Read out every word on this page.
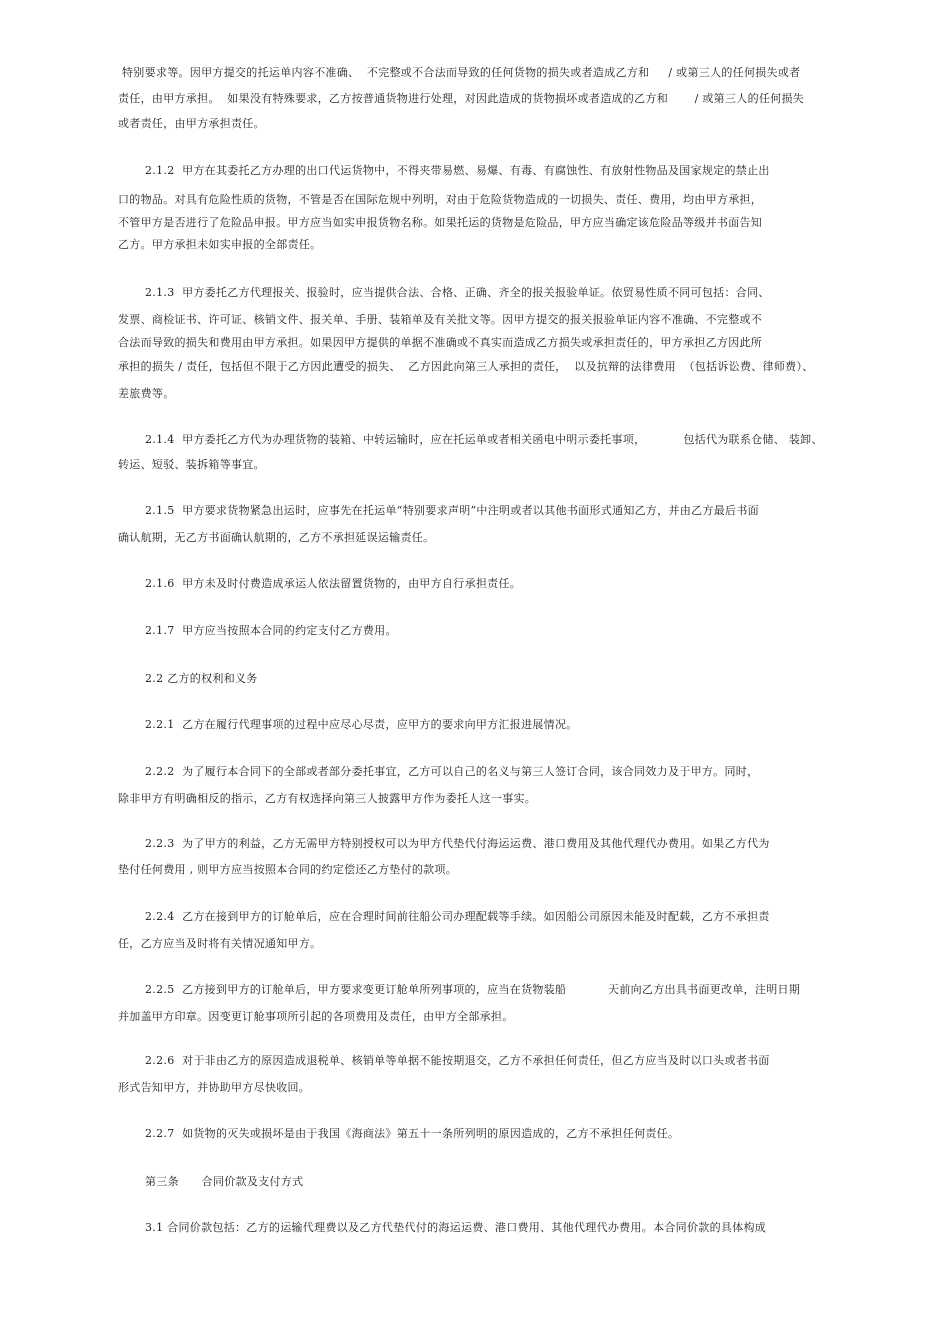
特别要求等。因甲方提交的托运单内容不准确、  不完整或不合法而导致的任何货物的损失或者造成乙方和     / 或第三人的任何损失或者
责任，由甲方承担。  如果没有特殊要求，乙方按普通货物进行处理，对因此造成的货物损坏或者造成的乙方和       / 或第三人的任何损失
或者责任，由甲方承担责任。
2.1.2  甲方在其委托乙方办理的出口代运货物中，不得夹带易燃、易爆、有毒、有腐蚀性、有放射性物品及国家规定的禁止出
口的物品。对具有危险性质的货物，不管是否在国际危规中列明，对由于危险货物造成的一切损失、责任、费用，均由甲方承担，
不管甲方是否进行了危险品申报。甲方应当如实申报货物名称。如果托运的货物是危险品，甲方应当确定该危险品等级并书面告知
乙方。甲方承担未如实申报的全部责任。
2.1.3  甲方委托乙方代理报关、报验时，应当提供合法、合格、正确、齐全的报关报验单证。依贸易性质不同可包括：合同、
发票、商检证书、许可证、核销文件、报关单、手册、装箱单及有关批文等。因甲方提交的报关报验单证内容不准确、不完整或不
合法而导致的损失和费用由甲方承担。如果因甲方提供的单据不准确或不真实而造成乙方损失或承担责任的，甲方承担乙方因此所
承担的损失 / 责任，包括但不限于乙方因此遭受的损失、  乙方因此向第三人承担的责任，  以及抗辩的法律费用  （包括诉讼费、律师费）、
差旅费等。
2.1.4  甲方委托乙方代为办理货物的装箱、中转运输时，应在托运单或者相关函电中明示委托事项，          包括代为联系仓储、 装卸、
转运、短驳、装拆箱等事宜。
2.1.5  甲方要求货物紧急出运时，应事先在托运单“特别要求声明”中注明或者以其他书面形式通知乙方，并由乙方最后书面
确认航期，无乙方书面确认航期的，乙方不承担延误运输责任。
2.1.6  甲方未及时付费造成承运人依法留置货物的，由甲方自行承担责任。
2.1.7  甲方应当按照本合同的约定支付乙方费用。
2.2 乙方的权利和义务
2.2.1  乙方在履行代理事项的过程中应尽心尽责，应甲方的要求向甲方汇报进展情况。
2.2.2  为了履行本合同下的全部或者部分委托事宜，乙方可以自己的名义与第三人签订合同，该合同效力及于甲方。同时，
除非甲方有明确相反的指示，乙方有权选择向第三人披露甲方作为委托人这一事实。
2.2.3  为了甲方的利益，乙方无需甲方特别授权可以为甲方代垫代付海运运费、港口费用及其他代理代办费用。如果乙方代为
垫付任何费用 , 则甲方应当按照本合同的约定偿还乙方垫付的款项。
2.2.4  乙方在接到甲方的订舱单后，应在合理时间前往船公司办理配载等手续。如因船公司原因未能及时配载，乙方不承担责
任，乙方应当及时将有关情况通知甲方。
2.2.5  乙方接到甲方的订舱单后，甲方要求变更订舱单所列事项的，应当在货物装船           天前向乙方出具书面更改单，注明日期
并加盖甲方印章。因变更订舱事项所引起的各项费用及责任，由甲方全部承担。
2.2.6  对于非由乙方的原因造成退税单、核销单等单据不能按期退交，乙方不承担任何责任，但乙方应当及时以口头或者书面
形式告知甲方，并协助甲方尽快收回。
2.2.7  如货物的灭失或损坏是由于我国《海商法》第五十一条所列明的原因造成的，乙方不承担任何责任。
第三条      合同价款及支付方式
3.1 合同价款包括：乙方的运输代理费以及乙方代垫代付的海运运费、港口费用、其他代理代办费用。本合同价款的具体构成
